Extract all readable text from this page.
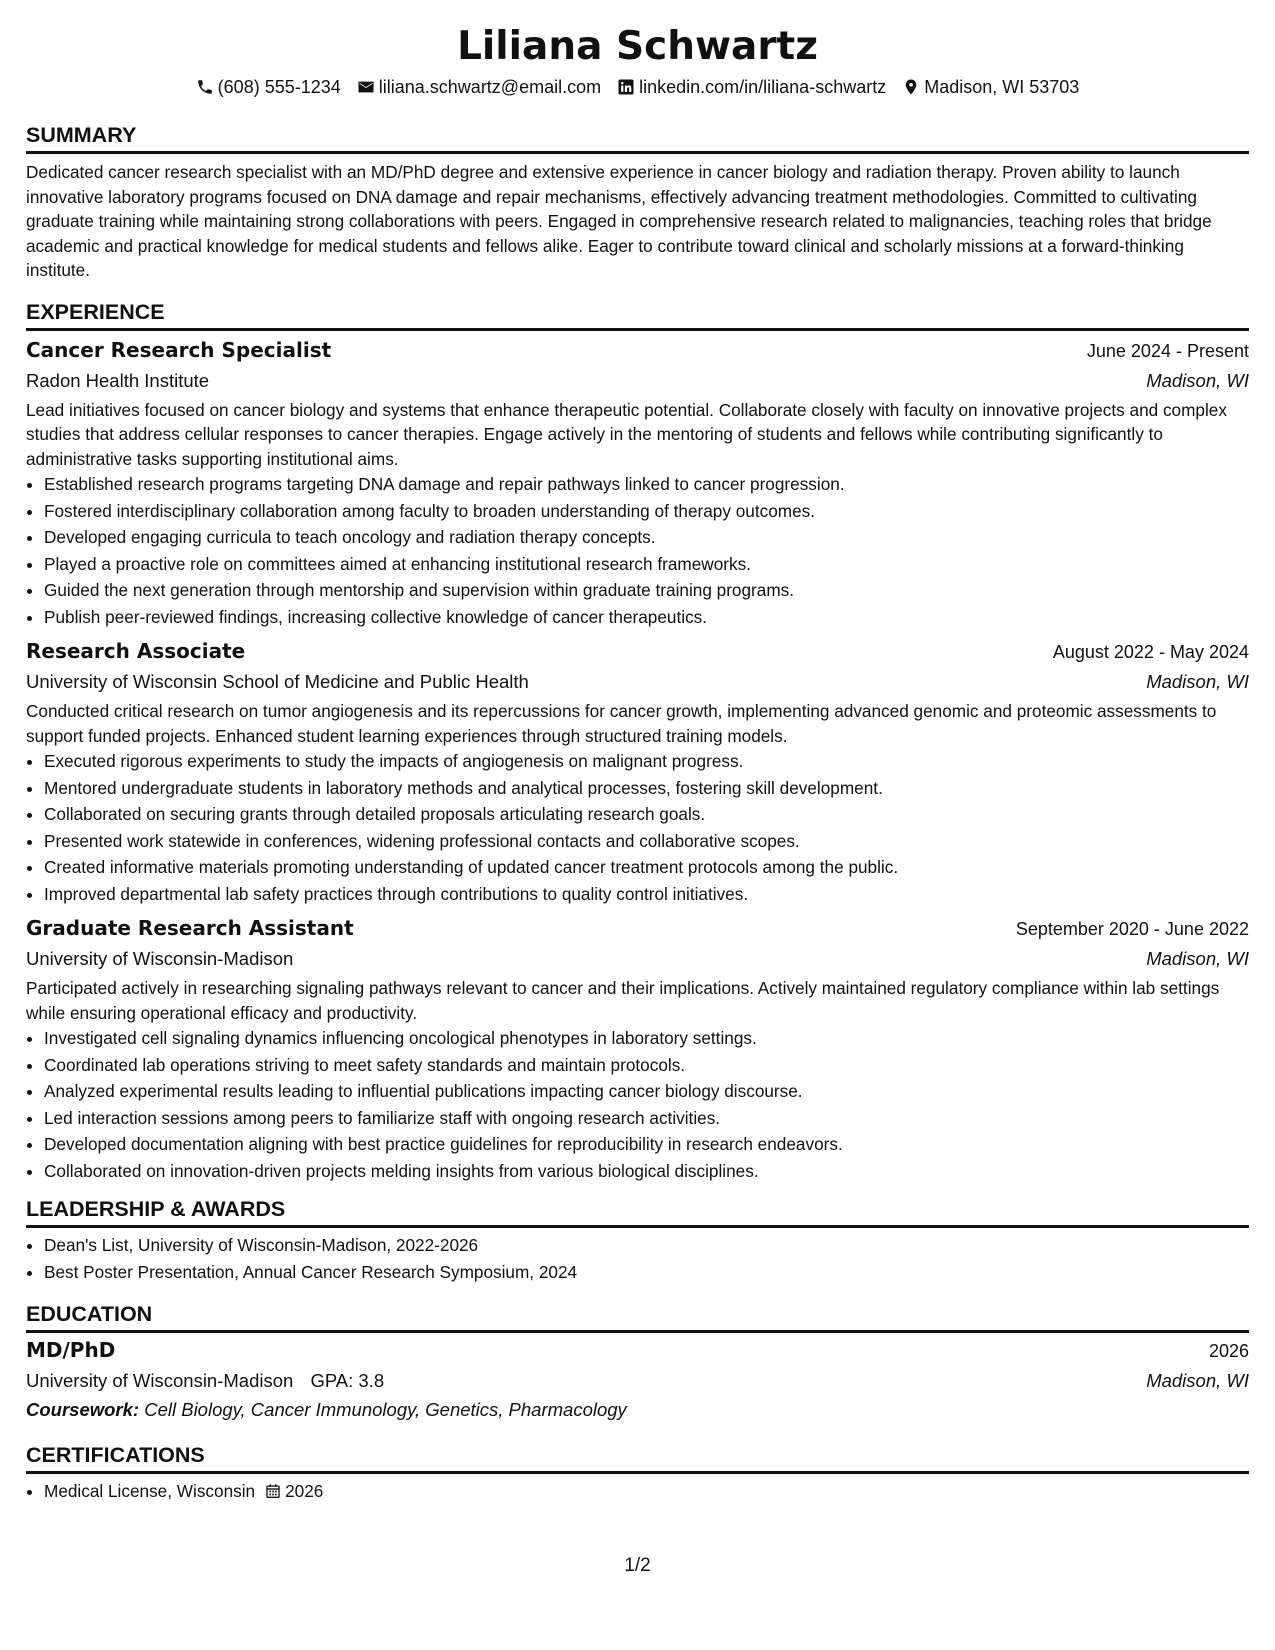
Liliana Schwartz
(608) 555-1234 liliana.schwartz@email.com linkedin.com/in/liliana-schwartz Madison, WI 53703
SUMMARY

Dedicated cancer research specialist with an MD/PhD degree and extensive experience in cancer biology and radiation therapy. Proven ability to launch innovative laboratory programs focused on DNA damage and repair mechanisms, effectively advancing treatment methodologies. Committed to cultivating graduate training while maintaining strong collaborations with peers. Engaged in comprehensive research related to malignancies, teaching roles that bridge academic and practical knowledge for medical students and fellows alike. Eager to contribute toward clinical and scholarly missions at a forward-thinking institute.

EXPERIENCE
Cancer Research Specialist	June 2024 - Present
Radon Health Institute	Madison, WI

Lead initiatives focused on cancer biology and systems that enhance therapeutic potential. Collaborate closely with faculty on innovative projects and complex studies that address cellular responses to cancer therapies. Engage actively in the mentoring of students and fellows while contributing significantly to administrative tasks supporting institutional aims.

• Established research programs targeting DNA damage and repair pathways linked to cancer progression.
• Fostered interdisciplinary collaboration among faculty to broaden understanding of therapy outcomes.
• Developed engaging curricula to teach oncology and radiation therapy concepts.
• Played a proactive role on committees aimed at enhancing institutional research frameworks.
• Guided the next generation through mentorship and supervision within graduate training programs.
• Publish peer-reviewed findings, increasing collective knowledge of cancer therapeutics.
Research Associate	August 2022 - May 2024
University of Wisconsin School of Medicine and Public Health	Madison, WI

Conducted critical research on tumor angiogenesis and its repercussions for cancer growth, implementing advanced genomic and proteomic assessments to support funded projects. Enhanced student learning experiences through structured training models.

• Executed rigorous experiments to study the impacts of angiogenesis on malignant progress.
• Mentored undergraduate students in laboratory methods and analytical processes, fostering skill development.
• Collaborated on securing grants through detailed proposals articulating research goals.
• Presented work statewide in conferences, widening professional contacts and collaborative scopes.
• Created informative materials promoting understanding of updated cancer treatment protocols among the public.
• Improved departmental lab safety practices through contributions to quality control initiatives.
Graduate Research Assistant	September 2020 - June 2022
University of Wisconsin-Madison	Madison, WI

Participated actively in researching signaling pathways relevant to cancer and their implications. Actively maintained regulatory compliance within lab settings while ensuring operational efficacy and productivity.

• Investigated cell signaling dynamics influencing oncological phenotypes in laboratory settings.
• Coordinated lab operations striving to meet safety standards and maintain protocols.
• Analyzed experimental results leading to influential publications impacting cancer biology discourse.
• Led interaction sessions among peers to familiarize staff with ongoing research activities.
• Developed documentation aligning with best practice guidelines for reproducibility in research endeavors.
• Collaborated on innovation-driven projects melding insights from various biological disciplines.
LEADERSHIP & AWARDS
• Dean's List, University of Wisconsin-Madison, 2022-2026
• Best Poster Presentation, Annual Cancer Research Symposium, 2024
EDUCATION
MD/PhD	2026
University of Wisconsin-Madison GPA: 3.8	Madison, WI
Coursework: Cell Biology, Cancer Immunology, Genetics, Pharmacology
CERTIFICATIONS
• Medical License, Wisconsin 2026
1/2
